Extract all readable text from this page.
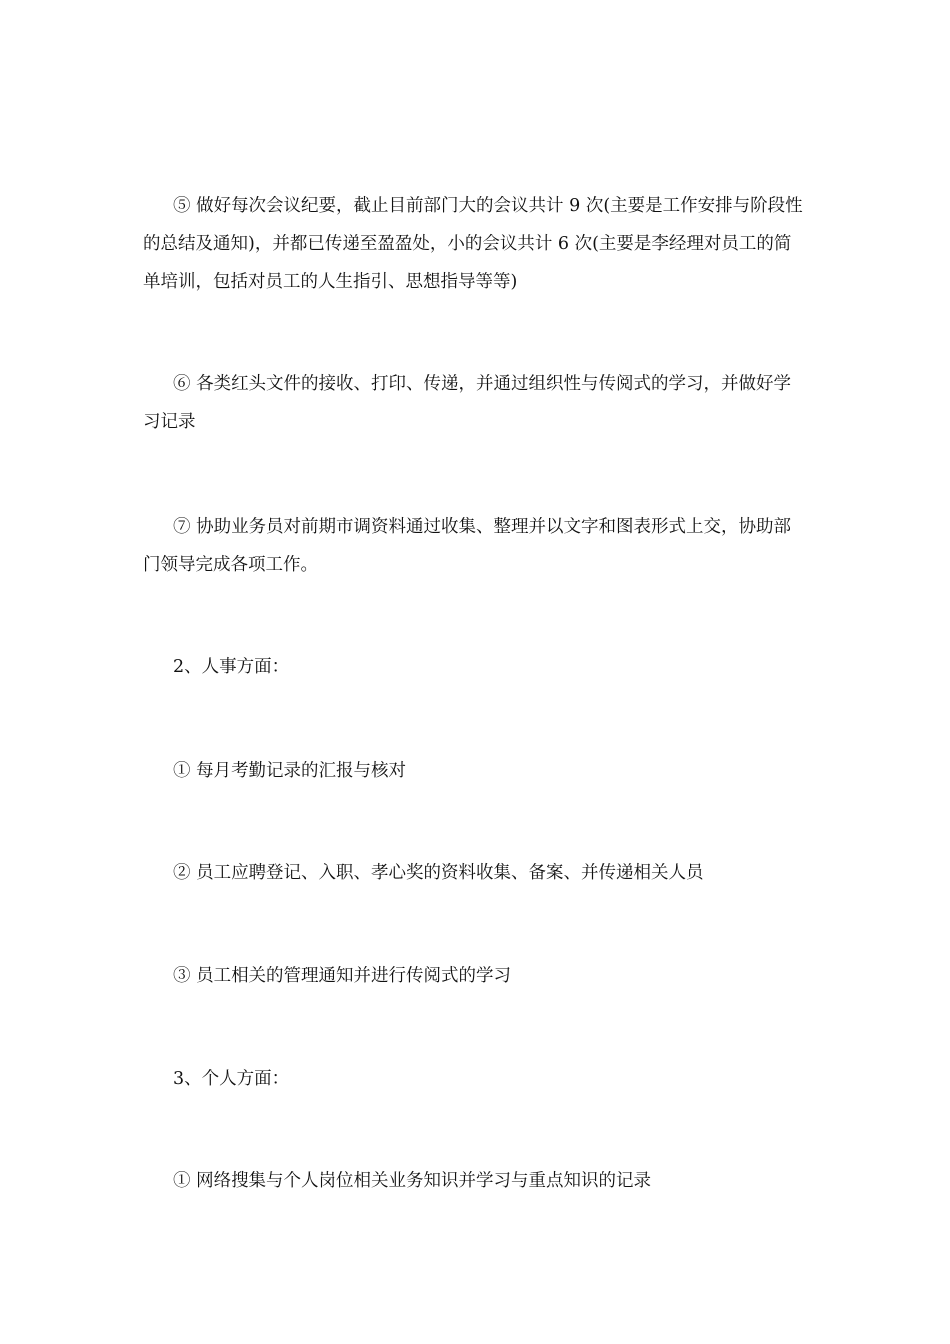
⑤ 做好每次会议纪要，截止目前部门大的会议共计 9 次(主要是工作安排与阶段性的总结及通知)，并都已传递至盈盈处，小的会议共计 6 次(主要是李经理对员工的简单培训，包括对员工的人生指引、思想指导等等)

⑥ 各类红头文件的接收、打印、传递，并通过组织性与传阅式的学习，并做好学习记录

⑦ 协助业务员对前期市调资料通过收集、整理并以文字和图表形式上交，协助部门领导完成各项工作。

2、人事方面：

① 每月考勤记录的汇报与核对

② 员工应聘登记、入职、孝心奖的资料收集、备案、并传递相关人员

③ 员工相关的管理通知并进行传阅式的学习

3、个人方面：

① 网络搜集与个人岗位相关业务知识并学习与重点知识的记录
